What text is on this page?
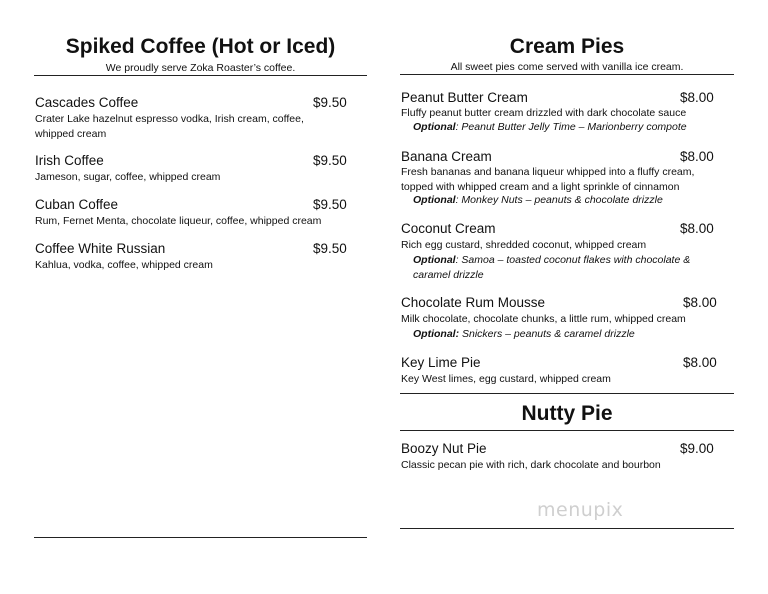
Spiked Coffee (Hot or Iced)
We proudly serve Zoka Roaster’s coffee.
Cascades Coffee	$9.50
Crater Lake hazelnut espresso vodka, Irish cream, coffee, whipped cream
Irish Coffee	$9.50
Jameson, sugar, coffee, whipped cream
Cuban Coffee	$9.50
Rum, Fernet Menta, chocolate liqueur, coffee, whipped cream
Coffee White Russian	$9.50
Kahlua, vodka, coffee, whipped cream
Cream Pies
All sweet pies come served with vanilla ice cream.
Peanut Butter Cream	$8.00
Fluffy peanut butter cream drizzled with dark chocolate sauce
Optional: Peanut Butter Jelly Time – Marionberry compote
Banana Cream	$8.00
Fresh bananas and banana liqueur whipped into a fluffy cream, topped with whipped cream and a light sprinkle of cinnamon
Optional: Monkey Nuts – peanuts & chocolate drizzle
Coconut Cream	$8.00
Rich egg custard, shredded coconut, whipped cream
Optional: Samoa – toasted coconut flakes with chocolate & caramel drizzle
Chocolate Rum Mousse	$8.00
Milk chocolate, chocolate chunks, a little rum, whipped cream
Optional: Snickers – peanuts & caramel drizzle
Key Lime Pie	$8.00
Key West limes, egg custard, whipped cream
Nutty Pie
Boozy Nut Pie	$9.00
Classic pecan pie with rich, dark chocolate and bourbon
menupix
